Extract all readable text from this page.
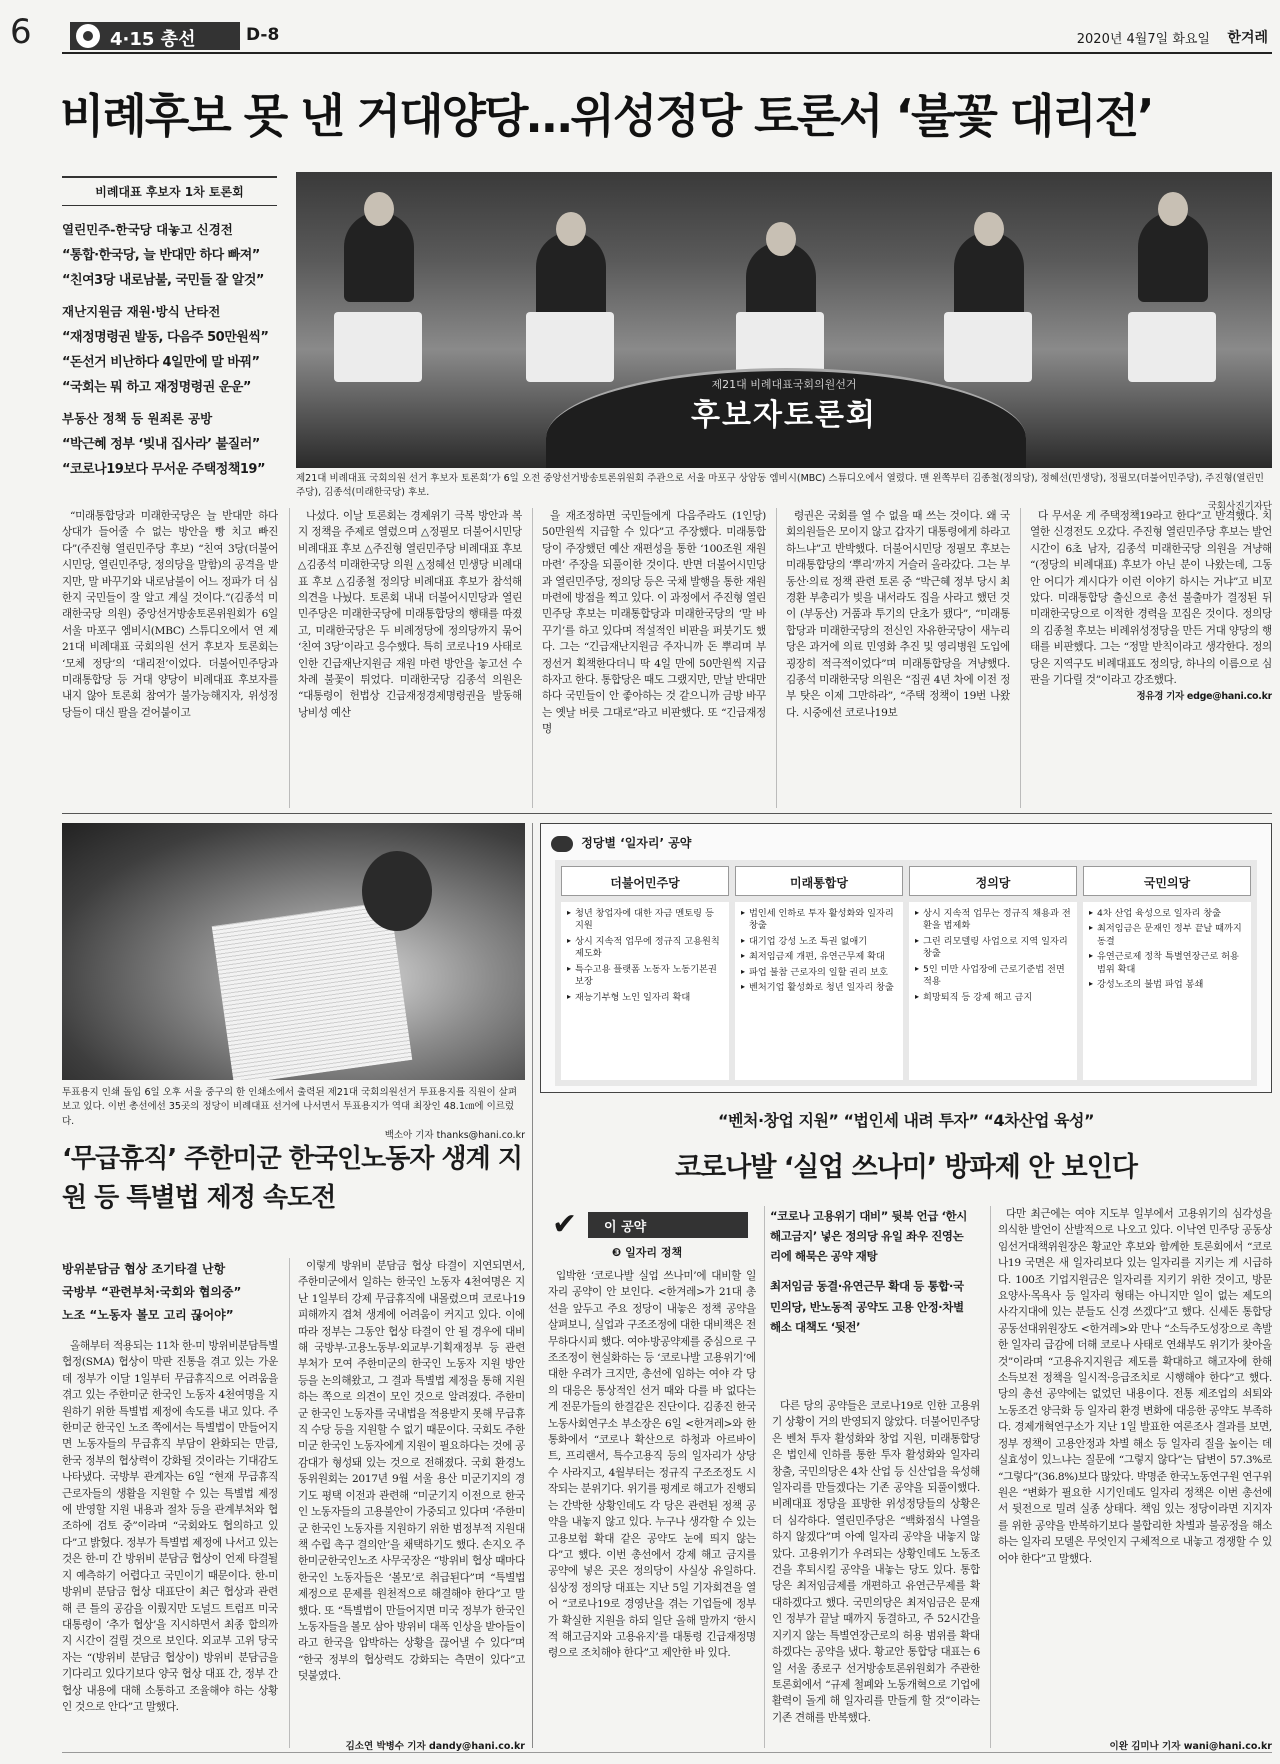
6	4·15 총선	D-8	2020년 4월7일 화요일 한겨레
비례후보 못 낸 거대양당…위성정당 토론서 ‘불꽃 대리전’
비례대표 후보자 1차 토론회
열린민주-한국당 대놓고 신경전

“통합·한국당, 늘 반대만 하다 빠져”

“친여3당 내로남불, 국민들 잘 알것”

재난지원금 재원·방식 난타전

“재정명령권 발동, 다음주 50만원씩”

“돈선거 비난하다 4일만에 말 바꿔”

“국회는 뭐 하고 재정명령권 운운”

부동산 정책 등 원죄론 공방

“박근혜 정부 ‘빚내 집사라’ 불질러”

“코로나19보다 무서운 주택정책19”

제21대 비례대표국회의원선거
후보자토론회
제21대 비례대표 국회의원 선거 후보자 토론회’가 6일 오전 중앙선거방송토론위원회 주관으로 서울 마포구 상암동 엠비시(MBC) 스튜디오에서 열렸다. 맨 왼쪽부터 김종철(정의당), 정혜선(민생당), 정필모(더불어민주당), 주진형(열린민주당), 김종석(미래한국당) 후보.
국회사진기자단

“미래통합당과 미래한국당은 늘 반대만 하다 상대가 들어줄 수 없는 방안을 빵 치고 빠진다”(주진형 열린민주당 후보) “친여 3당(더불어시민당, 열린민주당, 정의당을 말함)의 공격을 받지만, 말 바꾸기와 내로남불이 어느 정파가 더 심한지 국민들이 잘 알고 계실 것이다.”(김종석 미래한국당 의원) 중앙선거방송토론위원회가 6일 서울 마포구 엠비시(MBC) 스튜디오에서 연 제21대 비례대표 국회의원 선거 후보자 토론회는 ‘모체 정당’의 ‘대리전’이었다. 더불어민주당과 미래통합당 등 거대 양당이 비례대표 후보자를 내지 않아 토론회 참여가 불가능해지자, 위성정당들이 대신 팔을 걷어붙이고

나섰다. 이날 토론회는 경제위기 극복 방안과 복지 정책을 주제로 열렸으며 △정필모 더불어시민당 비례대표 후보 △주진형 열린민주당 비례대표 후보 △김종석 미래한국당 의원 △정혜선 민생당 비례대표 후보 △김종철 정의당 비례대표 후보가 참석해 의견을 나눴다. 토론회 내내 더불어시민당과 열린민주당은 미래한국당에 미래통합당의 행태를 따졌고, 미래한국당은 두 비례정당에 정의당까지 묶어 ‘친여 3당’이라고 응수했다. 특히 코로나19 사태로 인한 긴급재난지원금 재원 마련 방안을 놓고선 수차례 불꽃이 튀었다. 미래한국당 김종석 의원은 “대통령이 헌법상 긴급재정경제명령권을 발동해 낭비성 예산

을 재조정하면 국민들에게 다음주라도 (1인당) 50만원씩 지급할 수 있다”고 주장했다. 미래통합당이 주장했던 예산 재편성을 통한 ‘100조원 재원 마련’ 주장을 되풀이한 것이다. 반면 더불어시민당과 열린민주당, 정의당 등은 국채 발행을 통한 재원 마련에 방점을 찍고 있다. 이 과정에서 주진형 열린민주당 후보는 미래통합당과 미래한국당의 ‘말 바꾸기’를 하고 있다며 적설적인 비판을 퍼붓기도 했다. 그는 “긴급재난지원금 주자니까 돈 뿌리며 부정선거 획책한다더니 딱 4일 만에 50만원씩 지급하자고 한다. 통합당은 때도 그랬지만, 만날 반대만 하다 국민들이 안 좋아하는 것 같으니까 금방 바꾸는 옛날 버릇 그대로”라고 비판했다. 또 “긴급재정명

령권은 국회를 열 수 없을 때 쓰는 것이다. 왜 국회의원들은 모이지 않고 갑자기 대통령에게 하라고 하느냐”고 반박했다. 더불어시민당 정필모 후보는 미래통합당의 ‘뿌리’까지 거슬러 올라갔다. 그는 부동산·의료 정책 관련 토론 중 “박근혜 정부 당시 최경환 부총리가 빚을 내서라도 집을 사라고 했던 것이 (부동산) 거품과 투기의 단초가 됐다”, “미래통합당과 미래한국당의 전신인 자유한국당이 새누리당은 과거에 의료 민영화 추진 및 영리병원 도입에 굉장히 적극적이었다”며 미래통합당을 겨냥했다. 김종석 미래한국당 의원은 “집권 4년 차에 이전 정부 탓은 이제 그만하라”, “주택 정책이 19번 나왔다. 시중에선 코로나19보

다 무서운 게 주택정책19라고 한다”고 반격했다. 치열한 신경전도 오갔다. 주진형 열린민주당 후보는 발언 시간이 6초 남자, 김종석 미래한국당 의원을 겨냥해 “(정당의 비례대표) 후보가 아닌 분이 나왔는데, 그동안 어디가 계시다가 이런 이야기 하시는 거냐”고 비꼬았다. 미래통합당 출신으로 총선 불출마가 결정된 뒤 미래한국당으로 이적한 경력을 꼬집은 것이다. 정의당의 김종철 후보는 비례위성정당을 만든 거대 양당의 행태를 비판했다. 그는 “정말 반칙이라고 생각한다. 정의당은 지역구도 비례대표도 정의당, 하나의 이름으로 심판을 기다릴 것”이라고 강조했다.

정유경 기자 edge@hani.co.kr
투표용지 인쇄 돌입 6일 오후 서울 중구의 한 인쇄소에서 출력된 제21대 국회의원선거 투표용지를 직원이 살펴보고 있다. 이번 총선에선 35곳의 정당이 비례대표 선거에 나서면서 투표용지가 역대 최장인 48.1㎝에 이르렀다.
백소아 기자 thanks@hani.co.kr
‘무급휴직’ 주한미군 한국인노동자 생계 지원 등 특별법 제정 속도전

방위분담금 협상 조기타결 난항

국방부 “관련부처·국회와 협의중”

노조 “노동자 볼모 고리 끊어야”

올해부터 적용되는 11차 한-미 방위비분담특별협정(SMA) 협상이 막판 진통을 겪고 있는 가운데 정부가 이달 1일부터 무급휴직으로 어려움을 겪고 있는 주한미군 한국인 노동자 4천여명을 지원하기 위한 특별법 제정에 속도를 내고 있다. 주한미군 한국인 노조 쪽에서는 특별법이 만들어지면 노동자들의 무급휴직 부담이 완화되는 만큼, 한국 정부의 협상력이 강화될 것이라는 기대감도 나타냈다. 국방부 관계자는 6일 “현재 무급휴직 근로자들의 생활을 지원할 수 있는 특별법 제정에 반영할 지원 내용과 절차 등을 관계부처와 협조하에 검토 중”이라며 “국회와도 협의하고 있다”고 밝혔다. 정부가 특별법 제정에 나서고 있는 것은 한-미 간 방위비 분담금 협상이 언제 타결될지 예측하기 어렵다고 국민이기 때문이다. 한-미 방위비 분담금 협상 대표단이 최근 협상과 관련해 큰 틀의 공감을 이뤘지만 도널드 트럼프 미국 대통령이 ‘추가 협상’을 지시하면서 최종 합의까지 시간이 걸릴 것으로 보인다. 외교부 고위 당국자는 “(방위비 분담금 협상이) 방위비 분담금을 기다리고 있다기보다 양국 협상 대표 간, 정부 간 협상 내용에 대해 소통하고 조율해야 하는 상황인 것으로 안다”고 말했다.

이렇게 방위비 분담금 협상 타결이 지연되면서, 주한미군에서 일하는 한국인 노동자 4천여명은 지난 1일부터 강제 무급휴직에 내몰렸으며 코로나19 피해까지 겹쳐 생계에 어려움이 커지고 있다. 이에 따라 정부는 그동안 협상 타결이 안 될 경우에 대비해 국방부·고용노동부·외교부·기획재정부 등 관련 부처가 모여 주한미군의 한국인 노동자 지원 방안 등을 논의해왔고, 그 결과 특별법 제정을 통해 지원하는 쪽으로 의견이 모인 것으로 알려졌다. 주한미군 한국인 노동자를 국내법을 적용받지 못해 무급휴직 수당 등을 지원할 수 없기 때문이다. 국회도 주한미군 한국인 노동자에게 지원이 필요하다는 것에 공감대가 형성돼 있는 것으로 전해졌다. 국회 환경노동위원회는 2017년 9월 서울 용산 미군기지의 경기도 평택 이전과 관련해 “미군기지 이전으로 한국인 노동자들의 고용불안이 가중되고 있다며 ‘주한미군 한국인 노동자를 지원하기 위한 범정부적 지원대책 수립 촉구 결의안’을 채택하기도 했다. 손지오 주한미군한국인노조 사무국장은 “방위비 협상 때마다 한국인 노동자들은 ‘볼모’로 취급된다”며 “특별법 제정으로 문제를 원천적으로 해결해야 한다”고 말했다. 또 “특별법이 만들어지면 미국 정부가 한국인 노동자들을 볼모 삼아 방위비 대폭 인상을 받아들이라고 한국을 압박하는 상황을 끊어낼 수 있다”며 “한국 정부의 협상력도 강화되는 측면이 있다”고 덧붙였다.

김소연 박병수 기자 dandy@hani.co.kr
정당별 ‘일자리’ 공약
더불어민주당
▸ 청년 창업자에 대한 자금 멘토링 등 지원
▸ 상시 지속적 업무에 정규직 고용원칙 제도화
▸ 특수고용 플랫폼 노동자 노동기본권 보장
▸ 재능기부형 노인 일자리 확대
미래통합당
▸ 법인세 인하로 투자 활성화와 일자리 창출
▸ 대기업 강성 노조 특권 없애기
▸ 최저임금제 개편, 유연근무제 확대
▸ 파업 불참 근로자의 일할 권리 보호
▸ 벤처기업 활성화로 청년 일자리 창출
정의당
▸ 상시 지속적 업무는 정규직 채용과 전환을 법제화
▸ 그린 리모델링 사업으로 지역 일자리 창출
▸ 5인 미만 사업장에 근로기준법 전면 적용
▸ 희망퇴직 등 강제 해고 금지
국민의당
▸ 4차 산업 육성으로 일자리 창출
▸ 최저임금은 문재인 정부 끝날 때까지 동결
▸ 유연근로제 정착 특별연장근로 허용범위 확대
▸ 강성노조의 불법 파업 봉쇄
“벤처·창업 지원” “법인세 내려 투자” “4차산업 육성”
코로나발 ‘실업 쓰나미’ 방파제 안 보인다
✔	이 공약
❸ 일자리 정책

“코로나 고용위기 대비” 뒷북 언급 ‘한시 해고금지’ 넣은 정의당 유일 좌우 진영논리에 해묵은 공약 재탕

최저임금 동결·유연근무 확대 등 통합·국민의당, 반노동적 공약도 고용 안정·차별 해소 대책도 ‘뒷전’

입박한 ‘코로나발 실업 쓰나미’에 대비할 일자리 공약이 안 보인다. <한겨레>가 21대 총선을 앞두고 주요 정당이 내놓은 정책 공약을 살펴보니, 실업과 구조조정에 대한 대비책은 전무하다시피 했다. 여야·방공약제를 중심으로 구조조정이 현실화하는 등 ‘코로나발 고용위기’에 대한 우려가 크지만, 총선에 임하는 여야 각 당의 대응은 통상적인 선거 때와 다를 바 없다는 게 전문가들의 한결같은 진단이다. 김종진 한국노동사회연구소 부소장은 6일 <한겨레>와 한 통화에서 “코로나 확산으로 하청과 아르바이트, 프리랜서, 특수고용직 등의 일자리가 상당수 사라지고, 4월부터는 정규직 구조조정도 시작되는 분위기다. 위기를 평계로 해고가 진행되는 간박한 상황인데도 각 당은 관련된 정책 공약을 내놓지 않고 있다. 누구나 생각할 수 있는 고용보험 확대 같은 공약도 눈에 띄지 않는다”고 했다. 이번 총선에서 강제 해고 금지를 공약에 넣은 곳은 정의당이 사실상 유일하다. 심상정 정의당 대표는 지난 5일 기자회견을 열어 “코로나19로 경영난을 겪는 기업들에 정부가 확실한 지원을 하되 일단 올해 말까지 ‘한시적 해고금지와 고용유지’를 대통령 긴급재정명령으로 조치해야 한다”고 제안한 바 있다.

다른 당의 공약들은 코로나19로 인한 고용위기 상황이 거의 반영되지 않았다. 더불어민주당은 벤처 투자 활성화와 창업 지원, 미래통합당은 법인세 인하를 통한 투자 활성화와 일자리 창출, 국민의당은 4차 산업 등 신산업을 육성해 일자리를 만들겠다는 기존 공약을 되풀이했다. 비례대표 정당을 표방한 위성정당들의 상황은 더 심각하다. 열린민주당은 “백화점식 나열을 하지 않겠다”며 아예 일자리 공약을 내놓지 않았다. 고용위기가 우려되는 상황인데도 노동조건을 후퇴시킬 공약을 내놓는 당도 있다. 통합당은 최저임금제를 개편하고 유연근무제를 확대하겠다고 했다. 국민의당은 최저임금은 문재인 정부가 끝날 때까지 동결하고, 주 52시간을 지키지 않는 특별연장근로의 허용 범위를 확대하겠다는 공약을 냈다. 황교안 통합당 대표는 6일 서울 종로구 선거방송토론위원회가 주관한 토론회에서 “규제 철폐와 노동개혁으로 기업에 활력이 돌게 해 일자리를 만들게 할 것”이라는 기존 견해를 반복했다.

다만 최근에는 여야 지도부 일부에서 고용위기의 심각성을 의식한 발언이 산발적으로 나오고 있다. 이낙연 민주당 공동상임선거대책위원장은 황교안 후보와 함께한 토론회에서 “코로나19 국면은 새 일자리보다 있는 일자리를 지키는 게 시급하다. 100조 기업지원금은 일자리를 지키기 위한 것이고, 방문요양사·목욕사 등 일자리 형태는 아니지만 일이 없는 제도의 사각지대에 있는 분들도 신경 쓰겠다”고 했다. 신세돈 통합당 공동선대위원장도 <한겨레>와 만나 “소득주도성장으로 촉발한 일자리 급감에 더해 코로나 사태로 연쇄부도 위기가 찾아올 것”이라며 “고용유지지원금 제도를 확대하고 해고자에 한해 소득보전 정책을 일시적·응급조치로 시행해야 한다”고 했다. 당의 총선 공약에는 없었던 내용이다. 전통 제조업의 쇠퇴와 노동조건 양극화 등 일자리 환경 변화에 대응한 공약도 부족하다. 경제개혁연구소가 지난 1일 발표한 여론조사 결과를 보면, 정부 정책이 고용안정과 차별 해소 등 일자리 질을 높이는 데 실효성이 있느냐는 질문에 “그렇지 않다”는 답변이 57.3%로 “그렇다”(36.8%)보다 많았다. 박명준 한국노동연구원 연구위원은 “변화가 필요한 시기인데도 일자리 정책은 이번 총선에서 뒷전으로 밀려 실종 상태다. 책임 있는 정당이라면 지지자를 위한 공약을 반복하기보다 불합리한 차별과 불공정을 해소하는 일자리 모델은 무엇인지 구체적으로 내놓고 경쟁할 수 있어야 한다”고 말했다.

이완 김미나 기자 wani@hani.co.kr
